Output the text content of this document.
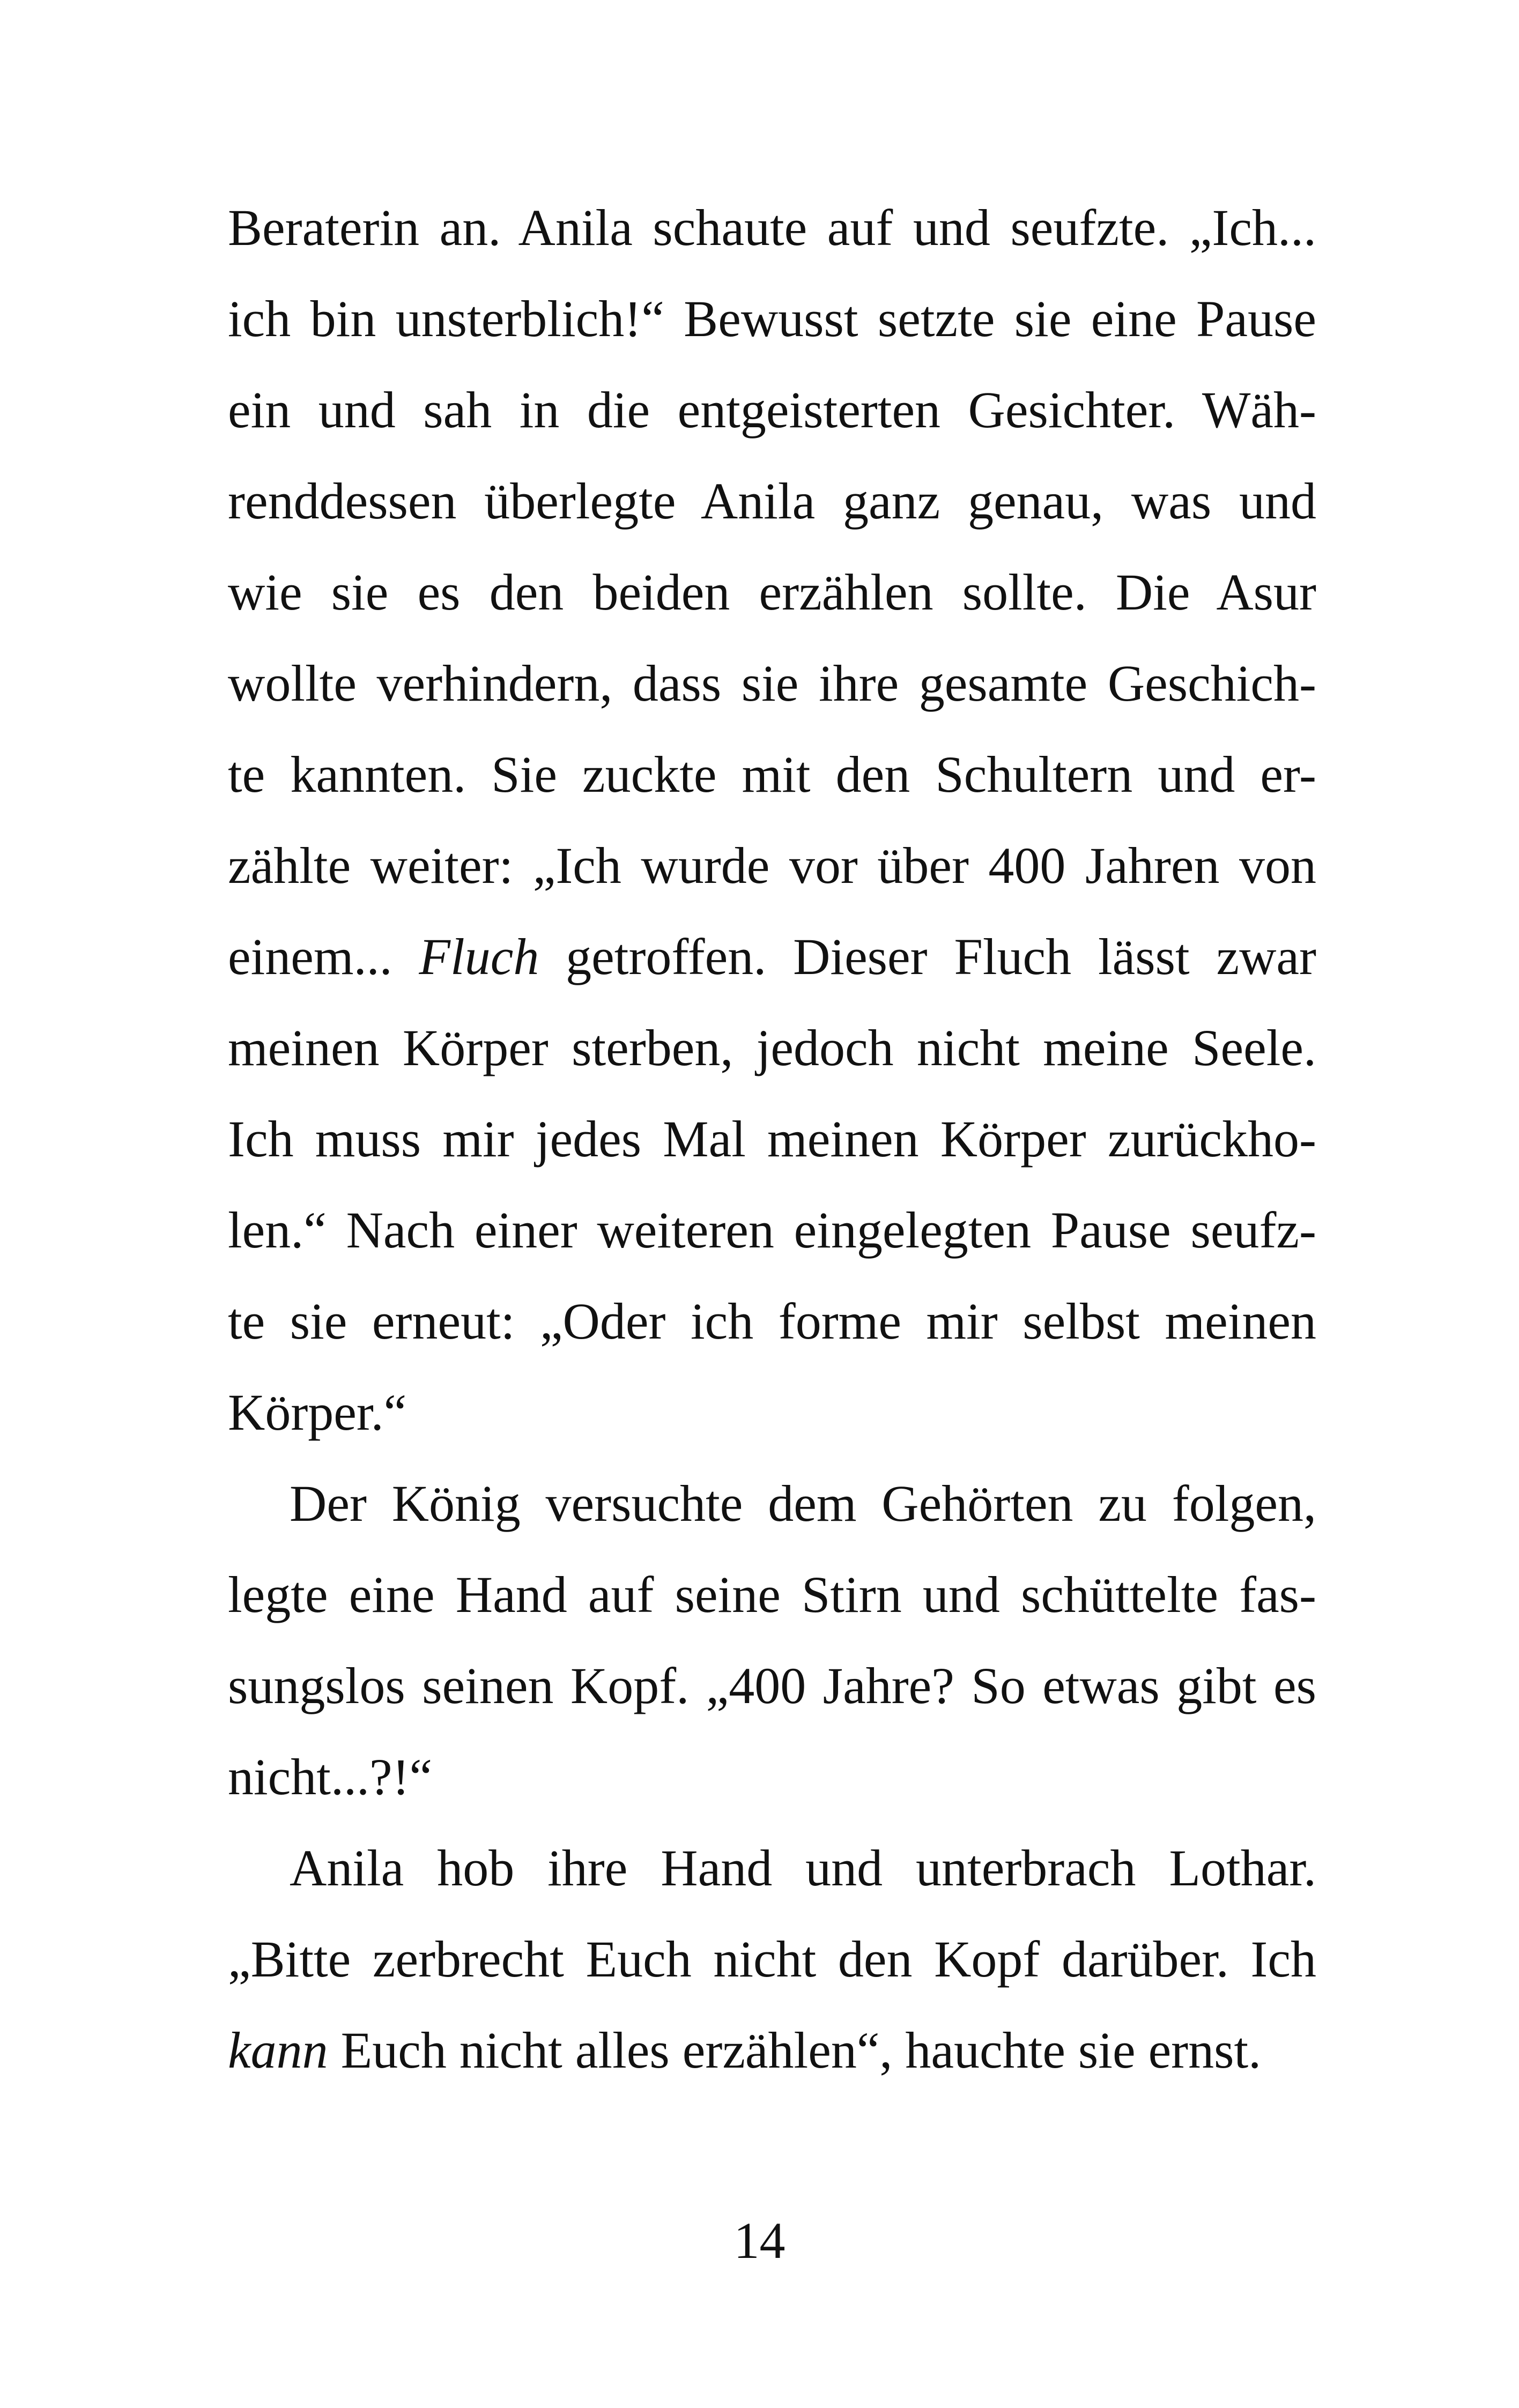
Beraterin an. Anila schaute auf und seufzte. „Ich...
ich bin unsterblich!“ Bewusst setzte sie eine Pause
ein und sah in die entgeisterten Gesichter. Wäh-
renddessen überlegte Anila ganz genau, was und
wie sie es den beiden erzählen sollte. Die Asur
wollte verhindern, dass sie ihre gesamte Geschich-
te kannten. Sie zuckte mit den Schultern und er-
zählte weiter: „Ich wurde vor über 400 Jahren von
einem... Fluch getroffen. Dieser Fluch lässt zwar
meinen Körper sterben, jedoch nicht meine Seele.
Ich muss mir jedes Mal meinen Körper zurückho-
len.“ Nach einer weiteren eingelegten Pause seufz-
te sie erneut: „Oder ich forme mir selbst meinen
Körper.“
Der König versuchte dem Gehörten zu folgen,
legte eine Hand auf seine Stirn und schüttelte fas-
sungslos seinen Kopf. „400 Jahre? So etwas gibt es
nicht...?!“
Anila hob ihre Hand und unterbrach Lothar.
„Bitte zerbrecht Euch nicht den Kopf darüber. Ich
kann Euch nicht alles erzählen“, hauchte sie ernst.
14
